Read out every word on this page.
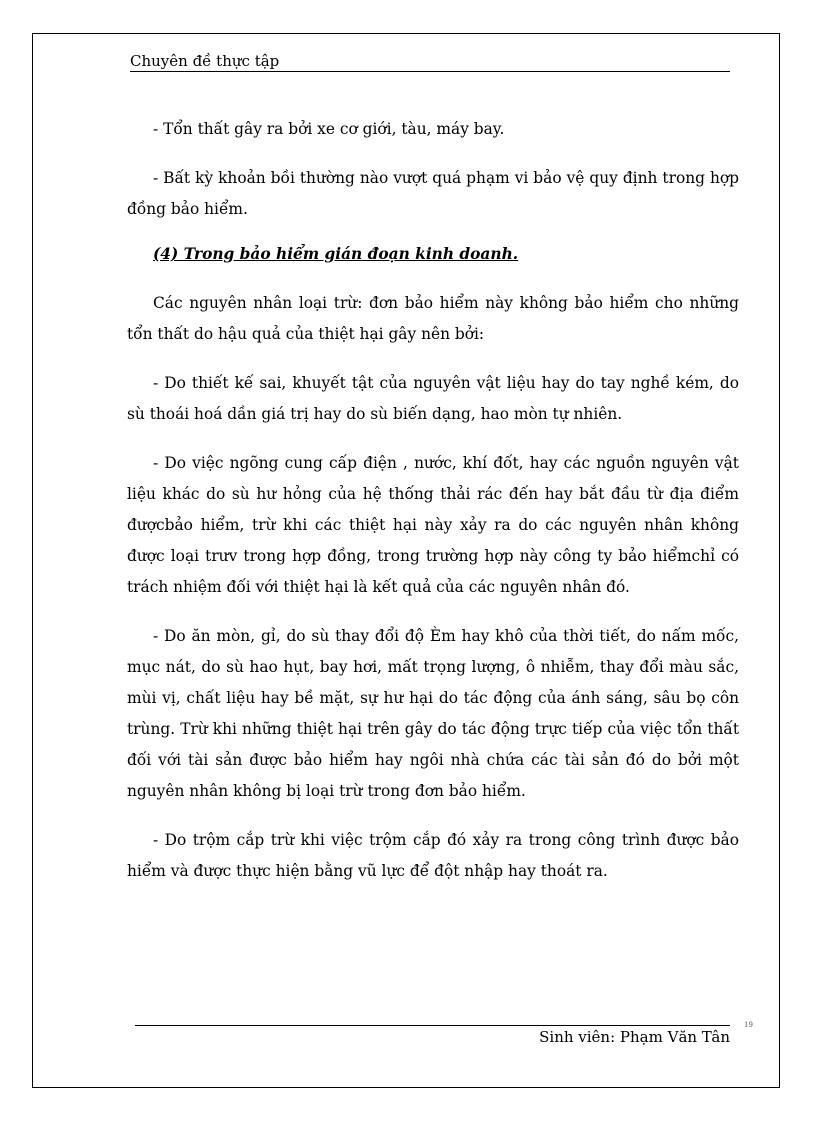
Chuyên đề thực tập

- Tổn thất gây ra bởi xe cơ giới, tàu, máy bay.

- Bất kỳ khoản bồi thường nào vượt quá phạm vi bảo vệ quy định trong hợp đồng bảo hiểm.

(4) Trong bảo hiểm gián đoạn kinh doanh.

Các nguyên nhân loại trừ: đơn bảo hiểm này không bảo hiểm cho những tổn thất do hậu quả của thiệt hại gây nên bởi:

- Do thiết kế sai, khuyết tật của nguyên vật liệu hay do tay nghề kém, do sù thoái hoá dần giá trị hay do sù biến dạng, hao mòn tự nhiên.

- Do việc ngõng cung cấp điện , nước, khí đốt, hay các nguồn nguyên vật liệu khác do sù hư hỏng của hệ thống thải rác đến hay bắt đầu từ địa điểm đượcbảo hiểm, trừ khi các thiệt hại này xảy ra do các nguyên nhân không được loại trưv trong hợp đồng, trong trường hợp này công ty bảo hiểmchỉ có trách nhiệm đối với thiệt hại là kết quả của các nguyên nhân đó.

- Do ăn mòn, gỉ, do sù thay đổi độ Èm hay khô của thời tiết, do nấm mốc, mục nát, do sù hao hụt, bay hơi, mất trọng lượng, ô nhiễm, thay đổi màu sắc, mùi vị, chất liệu hay bề mặt, sự hư hại do tác động của ánh sáng, sâu bọ côn trùng. Trừ khi những thiệt hại trên gây do tác động trực tiếp của việc tổn thất đối với tài sản được bảo hiểm hay ngôi nhà chứa các tài sản đó do bởi một nguyên nhân không bị loại trừ trong đơn bảo hiểm.

- Do trộm cắp trừ khi việc trộm cắp đó xảy ra trong công trình được bảo hiểm và được thực hiện bằng vũ lực để đột nhập hay thoát ra.

19
Sinh viên: Phạm Văn Tân
